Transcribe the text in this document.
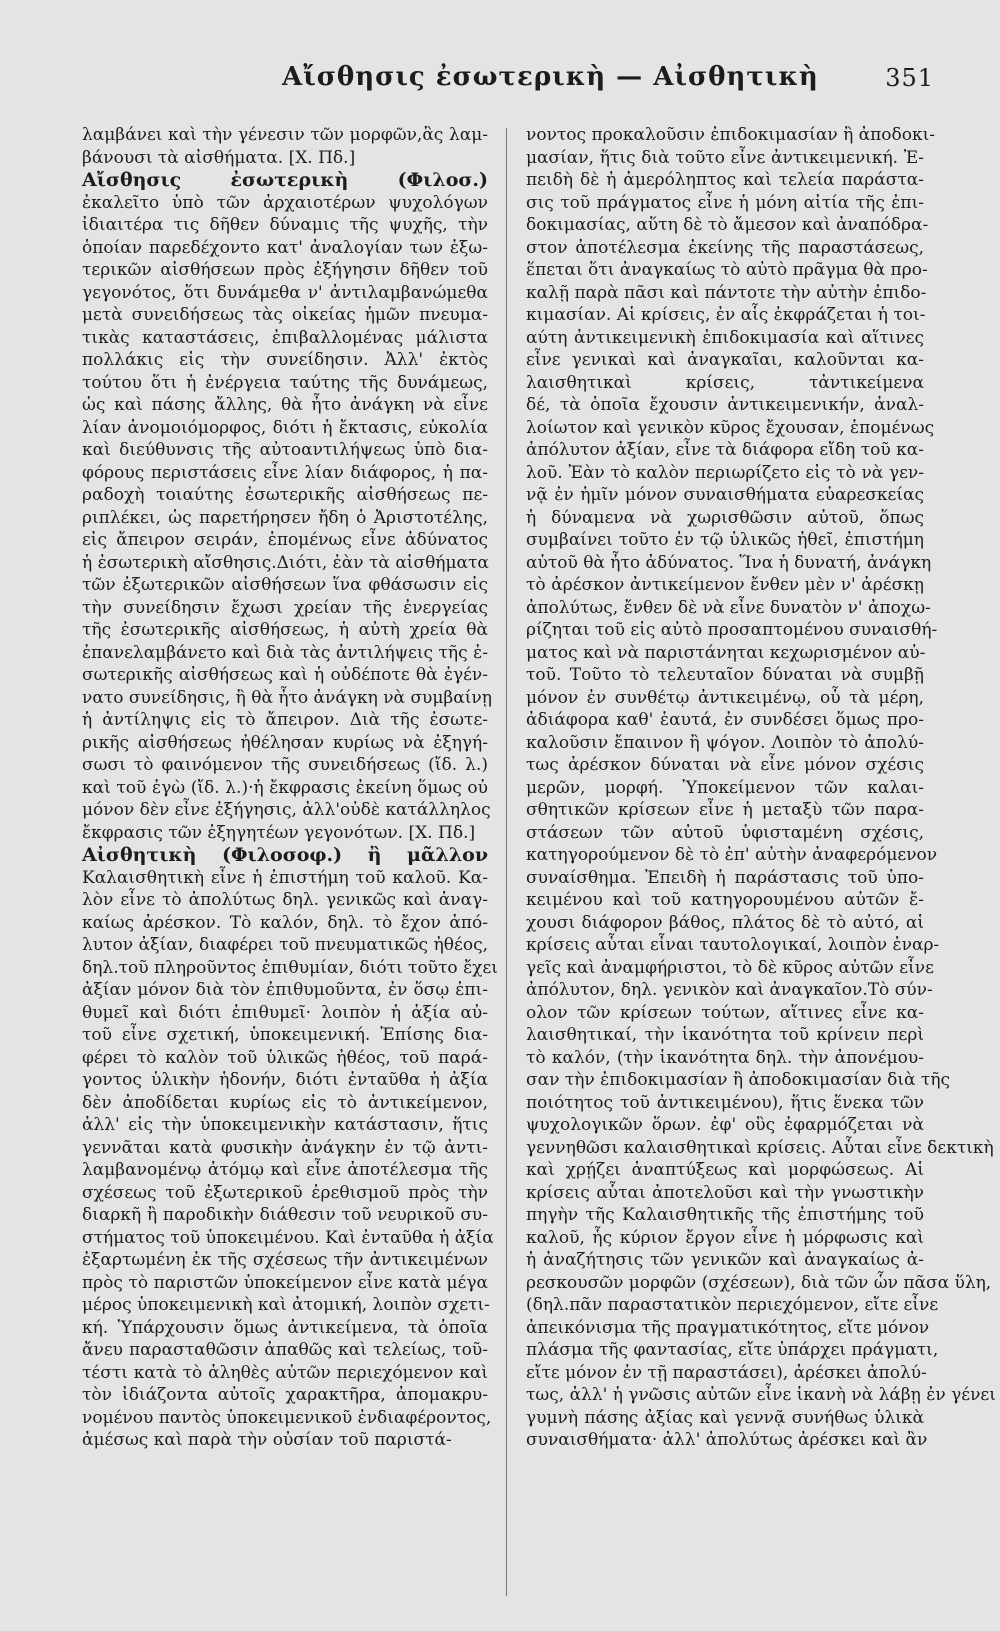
Αἴσθησις ἐσωτερικὴ — Αἰσθητικὴ	351
λαμβάνει καὶ τὴν γένεσιν τῶν μορφῶν,ἃς λαμ-
βάνουσι τὰ αἰσθήματα. [Χ. Πδ.]
Αἴσθησις ἐσωτερικὴ (Φιλοσ.)
ἐκαλεῖτο ὑπὸ τῶν ἀρχαιοτέρων ψυχολόγων
ἰδιαιτέρα τις δῆθεν δύναμις τῆς ψυχῆς, τὴν
ὁποίαν παρεδέχοντο κατ' ἀναλογίαν των ἐξω-
τερικῶν αἰσθήσεων πρὸς ἐξήγησιν δῆθεν τοῦ
γεγονότος, ὅτι δυνάμεθα ν' ἀντιλαμβανώμεθα
μετὰ συνειδήσεως τὰς οἰκείας ἡμῶν πνευμα-
τικὰς καταστάσεις, ἐπιβαλλομένας μάλιστα
πολλάκις εἰς τὴν συνείδησιν. Ἀλλ' ἐκτὸς
τούτου ὅτι ἡ ἐνέργεια ταύτης τῆς δυνάμεως,
ὡς καὶ πάσης ἄλλης, θὰ ἦτο ἀνάγκη νὰ εἶνε
λίαν ἀνομοιόμορφος, διότι ἡ ἔκτασις, εὐκολία
καὶ διεύθυνσις τῆς αὐτοαντιλήψεως ὑπὸ δια-
φόρους περιστάσεις εἶνε λίαν διάφορος, ἡ πα-
ραδοχὴ τοιαύτης ἐσωτερικῆς αἰσθήσεως πε-
ριπλέκει, ὡς παρετήρησεν ἤδη ὁ Ἀριστοτέλης,
εἰς ἄπειρον σειράν, ἑπομένως εἶνε ἀδύνατος
ἡ ἐσωτερικὴ αἴσθησις.Διότι, ἐὰν τὰ αἰσθήματα
τῶν ἐξωτερικῶν αἰσθήσεων ἵνα φθάσωσιν εἰς
τὴν συνείδησιν ἔχωσι χρείαν τῆς ἐνεργείας
τῆς ἐσωτερικῆς αἰσθήσεως, ἡ αὐτὴ χρεία θὰ
ἐπανελαμβάνετο καὶ διὰ τὰς ἀντιλήψεις τῆς ἐ-
σωτερικῆς αἰσθήσεως καὶ ἡ οὐδέποτε θὰ ἐγέν-
νατο συνείδησις, ἢ θὰ ἦτο ἀνάγκη νὰ συμβαίνῃ
ἡ ἀντίληψις εἰς τὸ ἄπειρον. Διὰ τῆς ἐσωτε-
ρικῆς αἰσθήσεως ἠθέλησαν κυρίως νὰ ἐξηγή-
σωσι τὸ φαινόμενον τῆς συνειδήσεως (ἴδ. λ.)
καὶ τοῦ ἐγὼ (ἴδ. λ.)·ἡ ἔκφρασις ἐκείνη ὅμως οὐ
μόνον δὲν εἶνε ἐξήγησις, ἀλλ'οὐδὲ κατάλληλος
ἔκφρασις τῶν ἐξηγητέων γεγονότων. [Χ. Πδ.]
Αἰσθητικὴ (Φιλοσοφ.) ἢ μᾶλλον
Καλαισθητικὴ εἶνε ἡ ἐπιστήμη τοῦ καλοῦ. Κα-
λὸν εἶνε τὸ ἀπολύτως δηλ. γενικῶς καὶ ἀναγ-
καίως ἀρέσκον. Τὸ καλόν, δηλ. τὸ ἔχον ἀπό-
λυτον ἀξίαν, διαφέρει τοῦ πνευματικῶς ἠθέος,
δηλ.τοῦ πληροῦντος ἐπιθυμίαν, διότι τοῦτο ἔχει
ἀξίαν μόνον διὰ τὸν ἐπιθυμοῦντα, ἐν ὅσῳ ἐπι-
θυμεῖ καὶ διότι ἐπιθυμεῖ· λοιπὸν ἡ ἀξία αὐ-
τοῦ εἶνε σχετική, ὑποκειμενική. Ἐπίσης δια-
φέρει τὸ καλὸν τοῦ ὑλικῶς ἠθέος, τοῦ παρά-
γοντος ὑλικὴν ἡδονήν, διότι ἐνταῦθα ἡ ἀξία
δὲν ἀποδίδεται κυρίως εἰς τὸ ἀντικείμενον,
ἀλλ' εἰς τὴν ὑποκειμενικὴν κατάστασιν, ἥτις
γεννᾶται κατὰ φυσικὴν ἀνάγκην ἐν τῷ ἀντι-
λαμβανομένῳ ἀτόμῳ καὶ εἶνε ἀποτέλεσμα τῆς
σχέσεως τοῦ ἐξωτερικοῦ ἐρεθισμοῦ πρὸς τὴν
διαρκῆ ἢ παροδικὴν διάθεσιν τοῦ νευρικοῦ συ-
στήματος τοῦ ὑποκειμένου. Καὶ ἐνταῦθα ἡ ἀξία
ἐξαρτωμένη ἐκ τῆς σχέσεως τῆν ἀντικειμένων
πρὸς τὸ παριστῶν ὑποκείμενον εἶνε κατὰ μέγα
μέρος ὑποκειμενικὴ καὶ ἀτομική, λοιπὸν σχετι-
κή. Ὑπάρχουσιν ὅμως ἀντικείμενα, τὰ ὁποῖα
ἄνευ παρασταθῶσιν ἀπαθῶς καὶ τελείως, τοῦ-
τέστι κατὰ τὸ ἀληθὲς αὐτῶν περιεχόμενον καὶ
τὸν ἰδιάζοντα αὐτοῖς χαρακτῆρα, ἀπομακρυ-
νομένου παντὸς ὑποκειμενικοῦ ἐνδιαφέροντος,
ἀμέσως καὶ παρὰ τὴν οὐσίαν τοῦ παριστά-
νοντος προκαλοῦσιν ἐπιδοκιμασίαν ἢ ἀποδοκι-
μασίαν, ἥτις διὰ τοῦτο εἶνε ἀντικειμενική. Ἐ-
πειδὴ δὲ ἡ ἀμερόληπτος καὶ τελεία παράστα-
σις τοῦ πράγματος εἶνε ἡ μόνη αἰτία τῆς ἐπι-
δοκιμασίας, αὕτη δὲ τὸ ἄμεσον καὶ ἀναπόδρα-
στον ἀποτέλεσμα ἐκείνης τῆς παραστάσεως,
ἕπεται ὅτι ἀναγκαίως τὸ αὐτὸ πρᾶγμα θὰ προ-
καλῇ παρὰ πᾶσι καὶ πάντοτε τὴν αὐτὴν ἐπιδο-
κιμασίαν. Αἱ κρίσεις, ἐν αἷς ἐκφράζεται ἡ τοι-
αύτη ἀντικειμενικὴ ἐπιδοκιμασία καὶ αἵτινες
εἶνε γενικαὶ καὶ ἀναγκαῖαι, καλοῦνται κα-
λαισθητικαὶ κρίσεις, τἀντικείμενα
δέ, τὰ ὁποῖα ἔχουσιν ἀντικειμενικήν, ἀναλ-
λοίωτον καὶ γενικὸν κῦρος ἔχουσαν, ἑπομένως
ἀπόλυτον ἀξίαν, εἶνε τὰ διάφορα εἴδη τοῦ κα-
λοῦ. Ἐὰν τὸ καλὸν περιωρίζετο εἰς τὸ νὰ γεν-
νᾷ ἐν ἡμῖν μόνον συναισθήματα εὐαρεσκείας
ἡ δύναμενα νὰ χωρισθῶσιν αὐτοῦ, ὅπως
συμβαίνει τοῦτο ἐν τῷ ὑλικῶς ἠθεῖ, ἐπιστήμη
αὐτοῦ θὰ ἦτο ἀδύνατος. Ἵνα ἡ δυνατή, ἀνάγκη
τὸ ἀρέσκον ἀντικείμενον ἔνθεν μὲν ν' ἀρέσκῃ
ἀπολύτως, ἔνθεν δὲ νὰ εἶνε δυνατὸν ν' ἀποχω-
ρίζηται τοῦ εἰς αὐτὸ προσαπτομένου συναισθή-
ματος καὶ νὰ παριστάνηται κεχωρισμένον αὐ-
τοῦ. Τοῦτο τὸ τελευταῖον δύναται νὰ συμβῇ
μόνον ἐν συνθέτῳ ἀντικειμένῳ, οὗ τὰ μέρη,
ἀδιάφορα καθ' ἑαυτά, ἐν συνδέσει ὅμως προ-
καλοῦσιν ἔπαινον ἢ ψόγον. Λοιπὸν τὸ ἀπολύ-
τως ἀρέσκον δύναται νὰ εἶνε μόνον σχέσις
μερῶν, μορφή. Ὑποκείμενον τῶν καλαι-
σθητικῶν κρίσεων εἶνε ἡ μεταξὺ τῶν παρα-
στάσεων τῶν αὐτοῦ ὑφισταμένη σχέσις,
κατηγορούμενον δὲ τὸ ἐπ' αὐτὴν ἀναφερόμενον
συναίσθημα. Ἐπειδὴ ἡ παράστασις τοῦ ὑπο-
κειμένου καὶ τοῦ κατηγορουμένου αὐτῶν ἔ-
χουσι διάφορον βάθος, πλάτος δὲ τὸ αὐτό, αἱ
κρίσεις αὗται εἶναι ταυτολογικαί, λοιπὸν ἐναρ-
γεῖς καὶ ἀναμφήριστοι, τὸ δὲ κῦρος αὐτῶν εἶνε
ἀπόλυτον, δηλ. γενικὸν καὶ ἀναγκαῖον.Τὸ σύν-
ολον τῶν κρίσεων τούτων, αἵτινες εἶνε κα-
λαισθητικαί, τὴν ἱκανότητα τοῦ κρίνειν περὶ
τὸ καλόν, (τὴν ἱκανότητα δηλ. τὴν ἀπονέμου-
σαν τὴν ἐπιδοκιμασίαν ἢ ἀποδοκιμασίαν διὰ τῆς
ποιότητος τοῦ ἀντικειμένου), ἥτις ἕνεκα τῶν
ψυχολογικῶν ὅρων. ἐφ' οὓς ἐφαρμόζεται νὰ
γεννηθῶσι καλαισθητικαὶ κρίσεις. Αὗται εἶνε δεκτικὴ
καὶ χρῄζει ἀναπτύξεως καὶ μορφώσεως. Αἱ
κρίσεις αὗται ἀποτελοῦσι καὶ τὴν γνωστικὴν
πηγὴν τῆς Καλαισθητικῆς τῆς ἐπιστήμης τοῦ
καλοῦ, ἧς κύριον ἔργον εἶνε ἡ μόρφωσις καὶ
ἡ ἀναζήτησις τῶν γενικῶν καὶ ἀναγκαίως ἀ-
ρεσκουσῶν μορφῶν (σχέσεων), διὰ τῶν ὧν πᾶσα ὕλη,
(δηλ.πᾶν παραστατικὸν περιεχόμενον, εἴτε εἶνε
ἀπεικόνισμα τῆς πραγματικότητος, εἴτε μόνον
πλάσμα τῆς φαντασίας, εἴτε ὑπάρχει πράγματι,
εἴτε μόνον ἐν τῇ παραστάσει), ἀρέσκει ἀπολύ-
τως, ἀλλ' ἡ γνῶσις αὐτῶν εἶνε ἱκανὴ νὰ λάβῃ ἐν γένει
γυμνὴ πάσης ἀξίας καὶ γεννᾷ συνήθως ὑλικὰ
συναισθήματα· ἀλλ' ἀπολύτως ἀρέσκει καὶ ἂν
